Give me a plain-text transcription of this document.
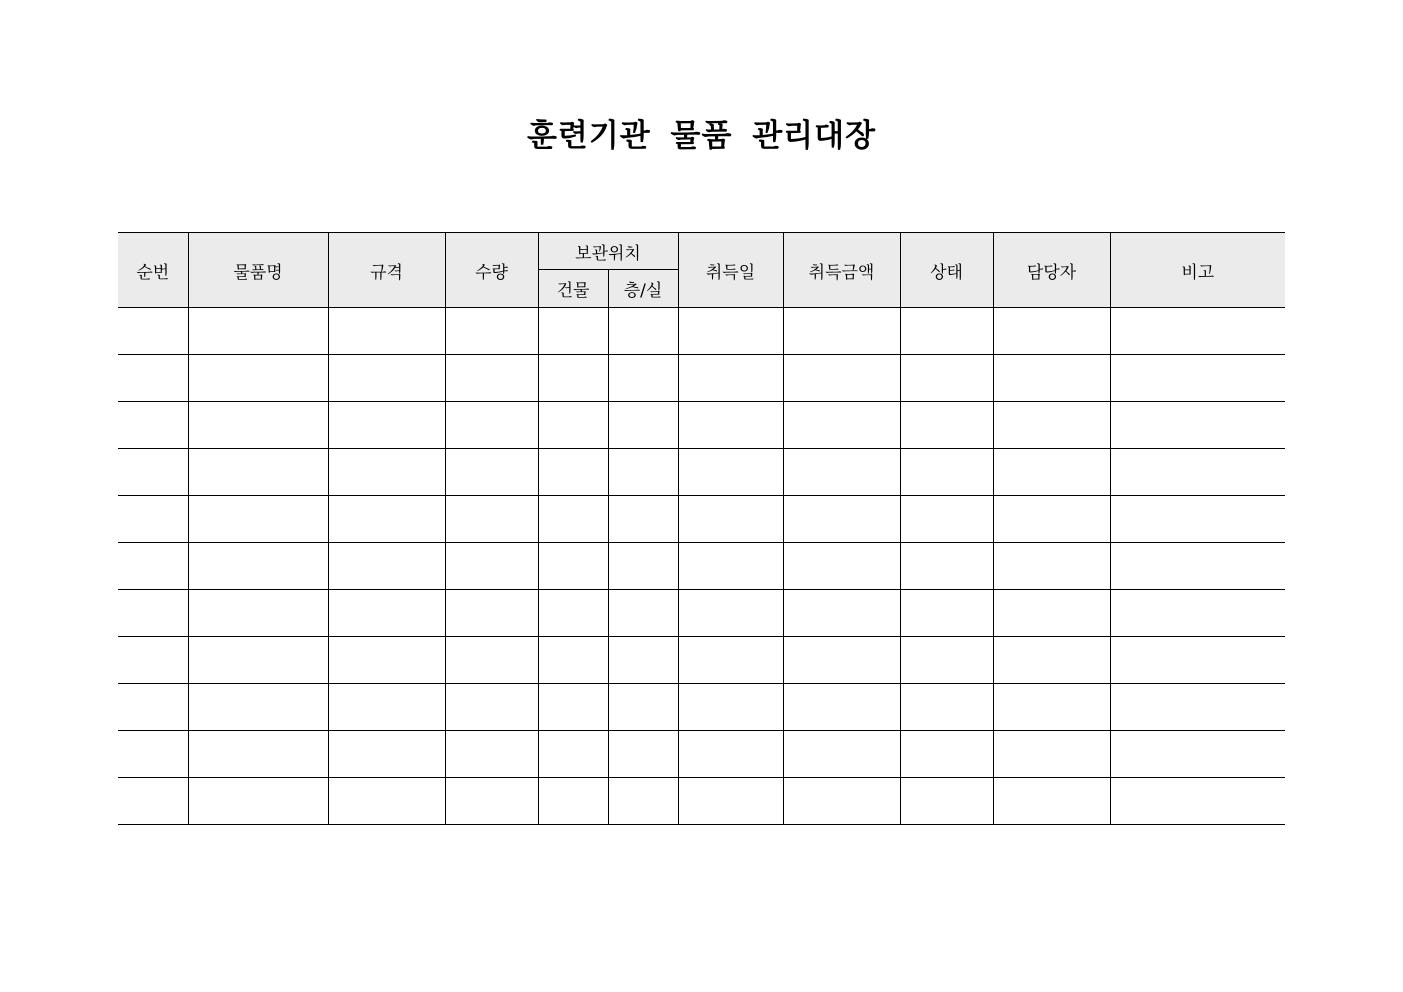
훈련기관 물품 관리대장
순번	물품명	규격	수량	보관위치		취득일	취득금액	상태	담당자	비고
				건물	층/실					
